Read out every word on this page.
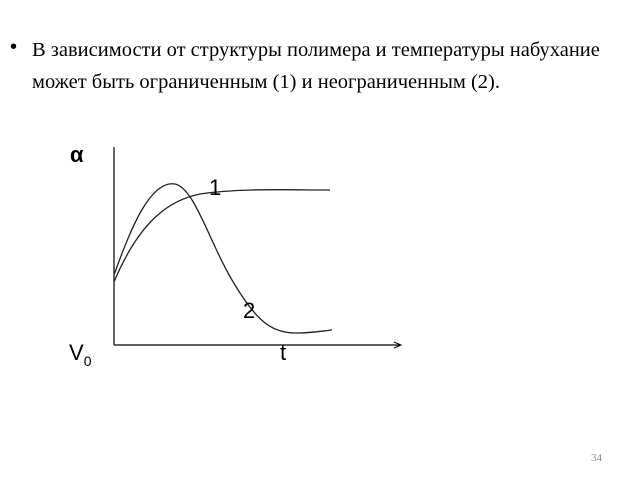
• В зависимости от структуры полимера и температуры набухание может быть ограниченным (1) и неограниченным (2).
α
1
2
$V_0$	t
34
